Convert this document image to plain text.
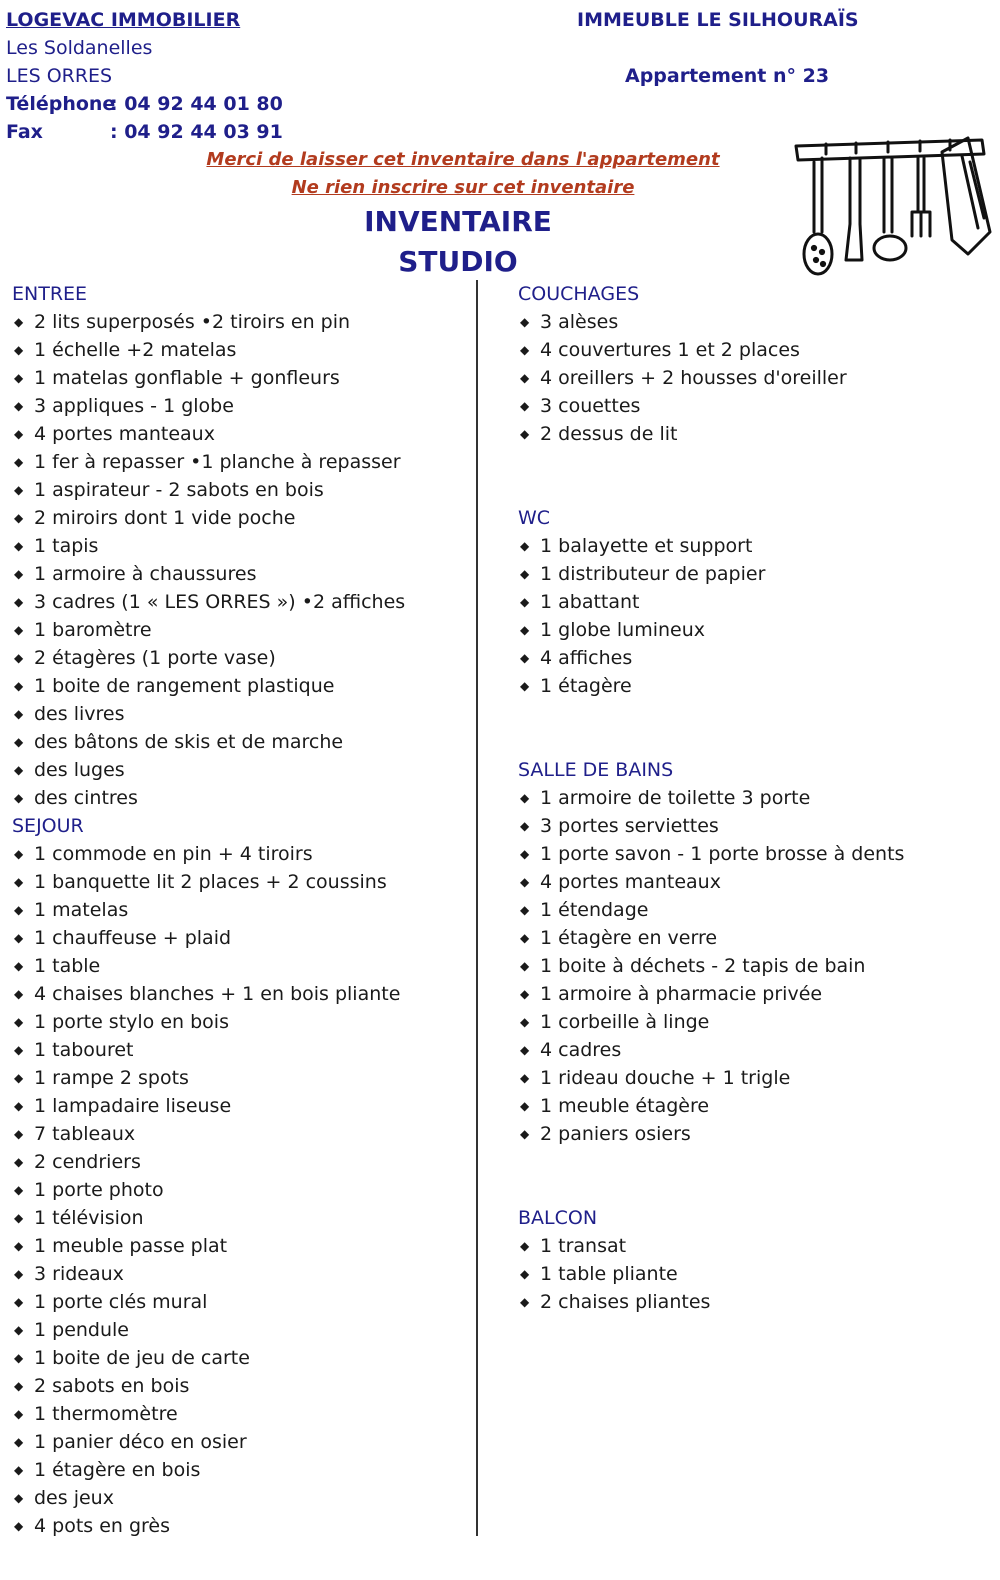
LOGEVAC IMMOBILIER

Les Soldanelles

LES ORRES

Téléphone: 04 92 44 01 80

Fax	: 04 92 44 03 91

IMMEUBLE LE SILHOURAÏS

Appartement n° 23

Merci de laisser cet inventaire dans l'appartement

Ne rien inscrire sur cet inventaire

INVENTAIRE

STUDIO

ENTREE

◆ 2 lits superposés •2 tiroirs en pin

◆ 1 échelle +2 matelas

◆ 1 matelas gonflable + gonfleurs

◆ 3 appliques - 1 globe

◆ 4 portes manteaux

◆ 1 fer à repasser •1 planche à repasser

◆ 1 aspirateur - 2 sabots en bois

◆ 2 miroirs dont 1 vide poche

◆ 1 tapis

◆ 1 armoire à chaussures

◆ 3 cadres (1 « LES ORRES ») •2 affiches

◆ 1 baromètre

◆ 2 étagères (1 porte vase)

◆ 1 boite de rangement plastique

◆ des livres

◆ des bâtons de skis et de marche

◆ des luges

◆ des cintres

SEJOUR

◆ 1 commode en pin + 4 tiroirs

◆ 1 banquette lit 2 places + 2 coussins

◆ 1 matelas

◆ 1 chauffeuse + plaid

◆ 1 table

◆ 4 chaises blanches + 1 en bois pliante

◆ 1 porte stylo en bois

◆ 1 tabouret

◆ 1 rampe 2 spots

◆ 1 lampadaire liseuse

◆ 7 tableaux

◆ 2 cendriers

◆ 1 porte photo

◆ 1 télévision

◆ 1 meuble passe plat

◆ 3 rideaux

◆ 1 porte clés mural

◆ 1 pendule

◆ 1 boite de jeu de carte

◆ 2 sabots en bois

◆ 1 thermomètre

◆ 1 panier déco en osier

◆ 1 étagère en bois

◆ des jeux

◆ 4 pots en grès

COUCHAGES

◆ 3 alèses

◆ 4 couvertures 1 et 2 places

◆ 4 oreillers + 2 housses d'oreiller

◆ 3 couettes

◆ 2 dessus de lit

WC

◆ 1 balayette et support

◆ 1 distributeur de papier

◆ 1 abattant

◆ 1 globe lumineux

◆ 4 affiches

◆ 1 étagère

SALLE DE BAINS

◆ 1 armoire de toilette 3 porte

◆ 3 portes serviettes

◆ 1 porte savon - 1 porte brosse à dents

◆ 4 portes manteaux

◆ 1 étendage

◆ 1 étagère en verre

◆ 1 boite à déchets - 2 tapis de bain

◆ 1 armoire à pharmacie privée

◆ 1 corbeille à linge

◆ 4 cadres

◆ 1 rideau douche + 1 trigle

◆ 1 meuble étagère

◆ 2 paniers osiers

BALCON

◆ 1 transat

◆ 1 table pliante

◆ 2 chaises pliantes
